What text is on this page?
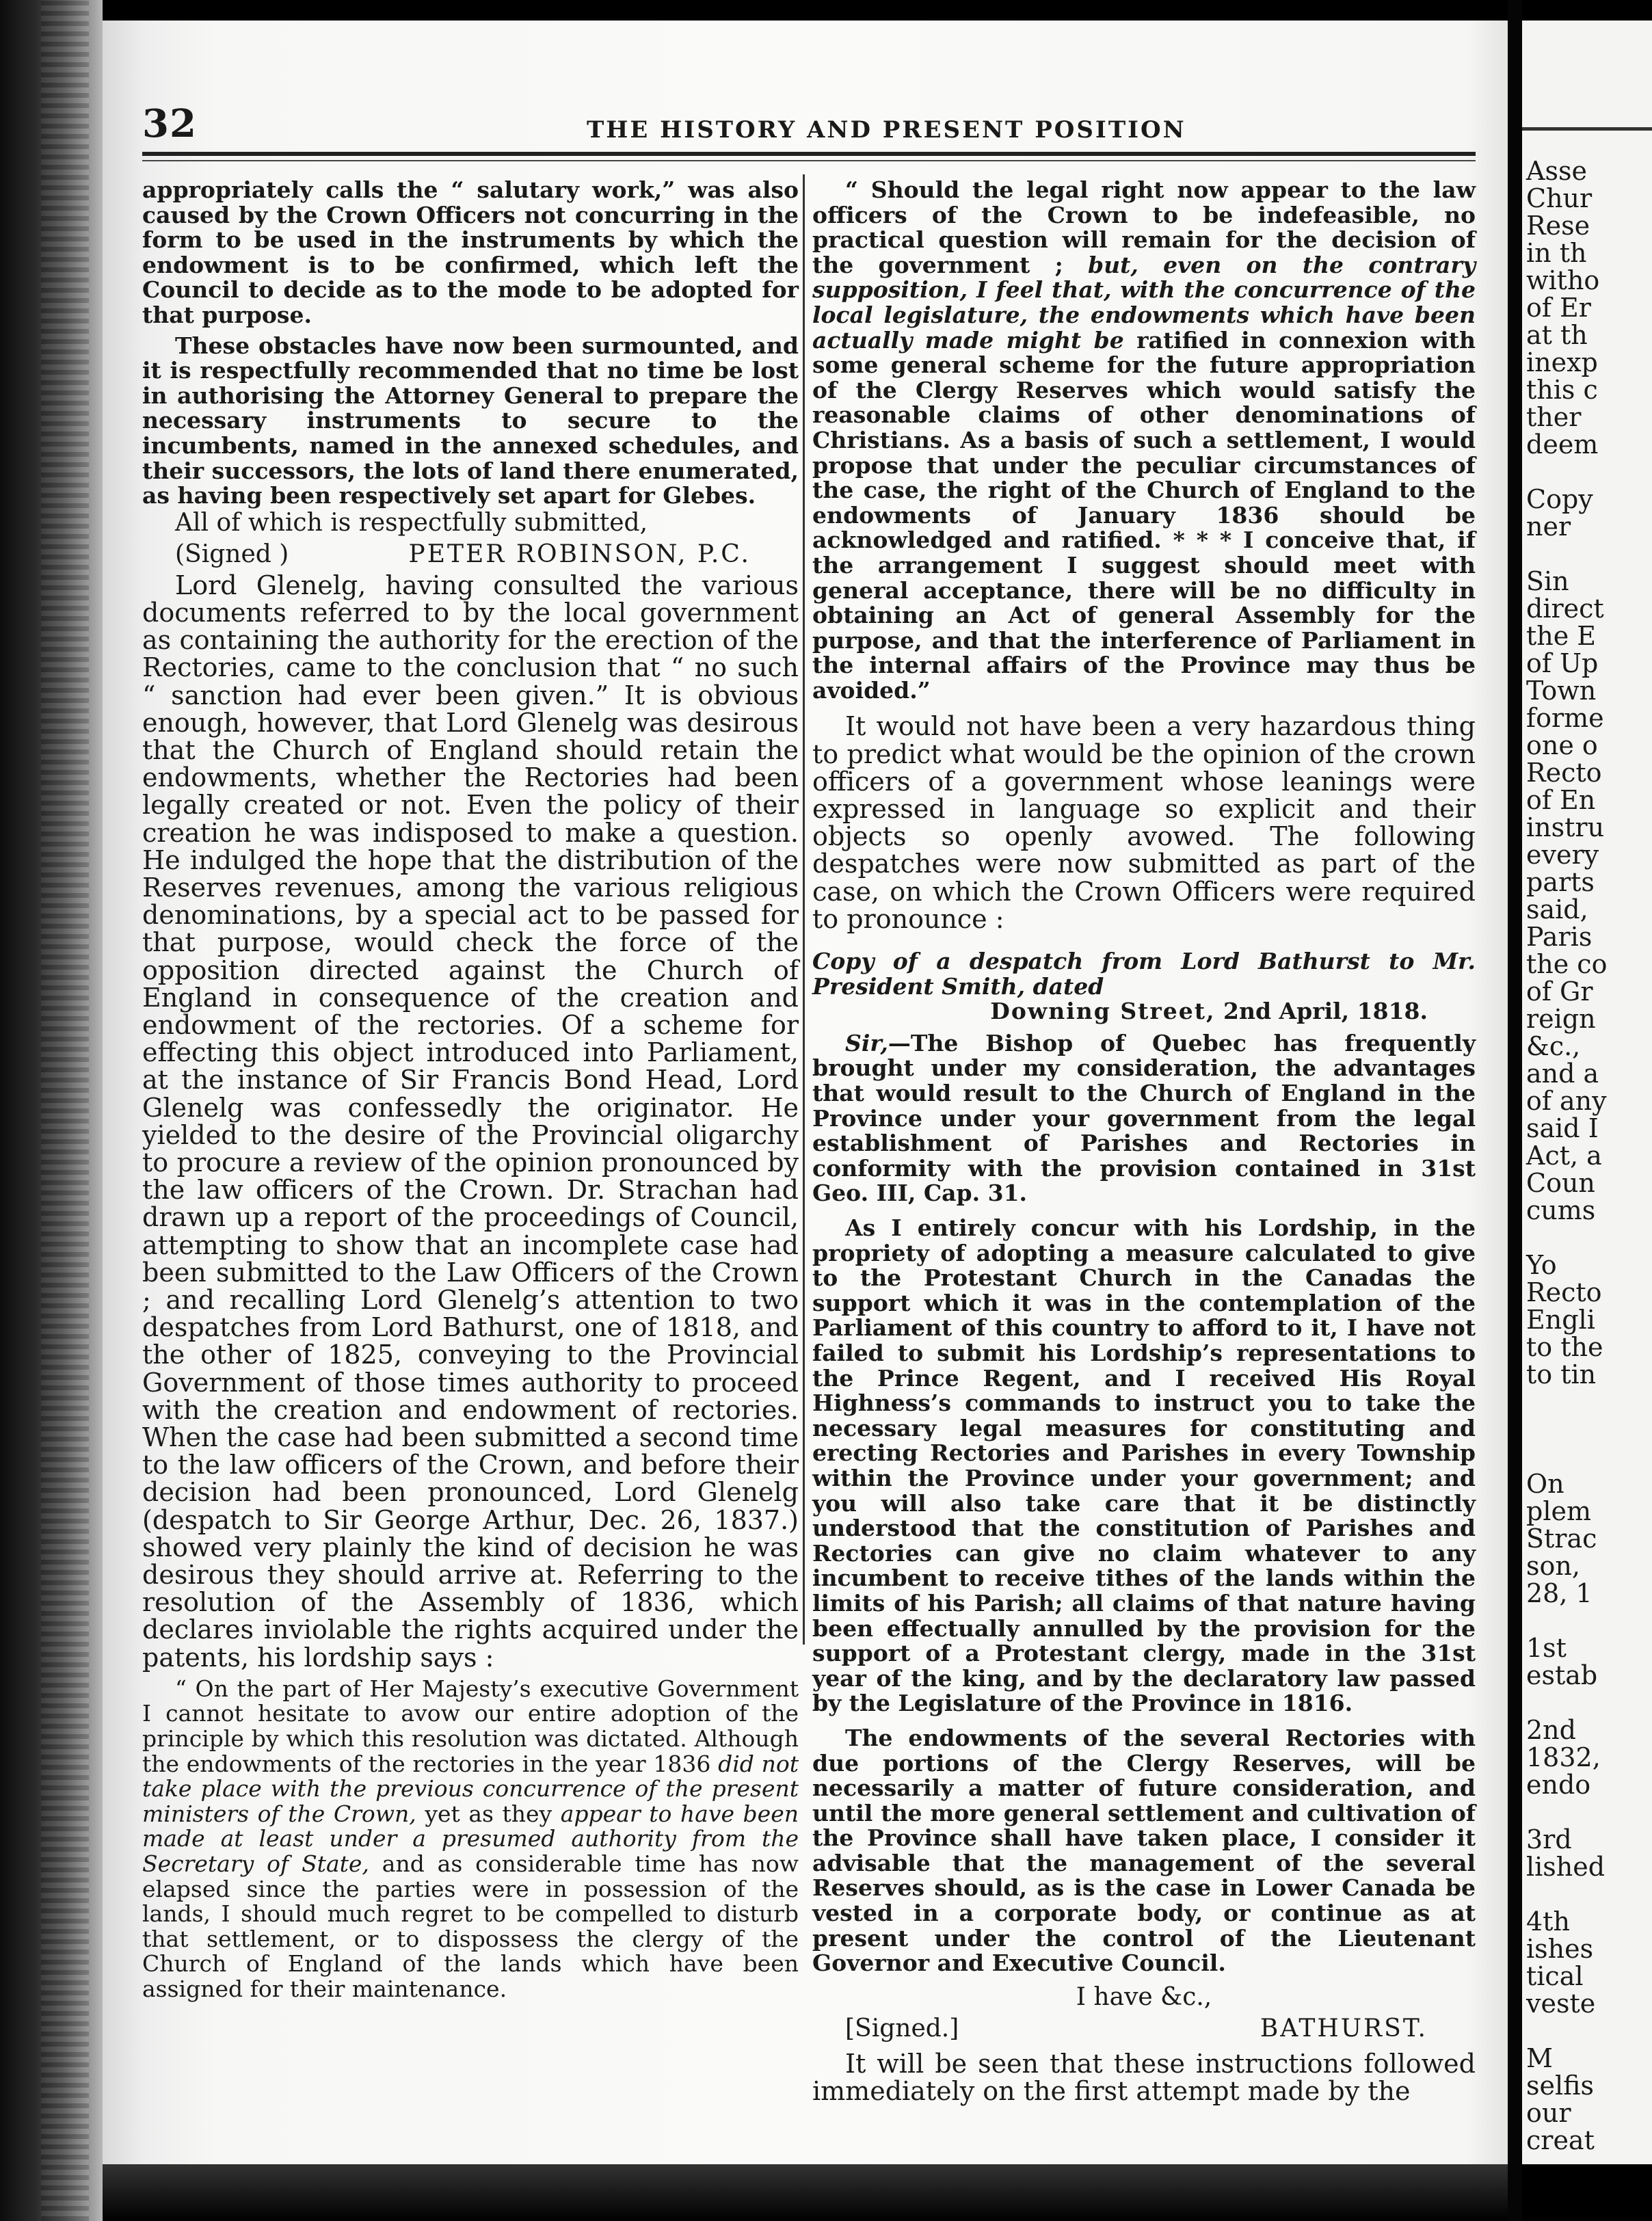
32	THE HISTORY AND PRESENT POSITION

appropriately calls the “ salutary work,” was also caused by the Crown Officers not concurring in the form to be used in the instruments by which the endowment is to be confirmed, which left the Council to decide as to the mode to be adopted for that purpose.

These obstacles have now been surmounted, and it is respectfully recommended that no time be lost in authorising the Attorney General to prepare the necessary instruments to secure to the incumbents, named in the annexed schedules, and their successors, the lots of land there enumerated, as having been respectively set apart for Glebes.

All of which is respectfully submitted,

(Signed )	PETER ROBINSON, P.C.

Lord Glenelg, having consulted the various documents referred to by the local government as containing the authority for the erection of the Rectories, came to the conclusion that “ no such “ sanction had ever been given.” It is obvious enough, however, that Lord Glenelg was desirous that the Church of England should retain the endowments, whether the Rectories had been legally created or not. Even the policy of their creation he was indisposed to make a question. He indulged the hope that the distribution of the Reserves revenues, among the various religious denominations, by a special act to be passed for that purpose, would check the force of the opposition directed against the Church of England in consequence of the creation and endowment of the rectories. Of a scheme for effecting this object introduced into Parliament, at the instance of Sir Francis Bond Head, Lord Glenelg was confessedly the originator. He yielded to the desire of the Provincial oligarchy to procure a review of the opinion pronounced by the law officers of the Crown. Dr. Strachan had drawn up a report of the proceedings of Council, attempting to show that an incomplete case had been submitted to the Law Officers of the Crown ; and recalling Lord Glenelg’s attention to two despatches from Lord Bathurst, one of 1818, and the other of 1825, conveying to the Provincial Government of those times authority to proceed with the creation and endowment of rectories. When the case had been submitted a second time to the law officers of the Crown, and before their decision had been pronounced, Lord Glenelg (despatch to Sir George Arthur, Dec. 26, 1837.) showed very plainly the kind of decision he was desirous they should arrive at. Referring to the resolution of the Assembly of 1836, which declares inviolable the rights acquired under the patents, his lordship says :

“ On the part of Her Majesty’s executive Government I cannot hesitate to avow our entire adoption of the principle by which this resolution was dictated. Although the endowments of the rectories in the year 1836 did not take place with the previous concurrence of the present ministers of the Crown, yet as they appear to have been made at least under a presumed authority from the Secretary of State, and as considerable time has now elapsed since the parties were in possession of the lands, I should much regret to be compelled to disturb that settlement, or to dispossess the clergy of the Church of England of the lands which have been assigned for their maintenance.

“ Should the legal right now appear to the law officers of the Crown to be indefeasible, no practical question will remain for the decision of the government ; but, even on the contrary supposition, I feel that, with the concurrence of the local legislature, the endowments which have been actually made might be ratified in connexion with some general scheme for the future appropriation of the Clergy Reserves which would satisfy the reasonable claims of other denominations of Christians. As a basis of such a settlement, I would propose that under the peculiar circumstances of the case, the right of the Church of England to the endowments of January 1836 should be acknowledged and ratified. * * * I conceive that, if the arrangement I suggest should meet with general acceptance, there will be no difficulty in obtaining an Act of general Assembly for the purpose, and that the interference of Parliament in the internal affairs of the Province may thus be avoided.”

It would not have been a very hazardous thing to predict what would be the opinion of the crown officers of a government whose leanings were expressed in language so explicit and their objects so openly avowed. The following despatches were now submitted as part of the case, on which the Crown Officers were required to pronounce :

Copy of a despatch from Lord Bathurst to Mr. President Smith, dated

Downing Street, 2nd April, 1818.

Sir,—The Bishop of Quebec has frequently brought under my consideration, the advantages that would result to the Church of England in the Province under your government from the legal establishment of Parishes and Rectories in conformity with the provision contained in 31st Geo. III, Cap. 31.

As I entirely concur with his Lordship, in the propriety of adopting a measure calculated to give to the Protestant Church in the Canadas the support which it was in the contemplation of the Parliament of this country to afford to it, I have not failed to submit his Lordship’s representations to the Prince Regent, and I received His Royal Highness’s commands to instruct you to take the necessary legal measures for constituting and erecting Rectories and Parishes in every Township within the Province under your government; and you will also take care that it be distinctly understood that the constitution of Parishes and Rectories can give no claim whatever to any incumbent to receive tithes of the lands within the limits of his Parish; all claims of that nature having been effectually annulled by the provision for the support of a Protestant clergy, made in the 31st year of the king, and by the declaratory law passed by the Legislature of the Province in 1816.

The endowments of the several Rectories with due portions of the Clergy Reserves, will be necessarily a matter of future consideration, and until the more general settlement and cultivation of the Province shall have taken place, I consider it advisable that the management of the several Reserves should, as is the case in Lower Canada be vested in a corporate body, or continue as at present under the control of the Lieutenant Governor and Executive Council.

I have &c.,

[Signed.]	BATHURST.

It will be seen that these instructions followed immediately on the first attempt made by the

Asse
Chur
Rese
in th
witho
of Er
at th
inexp
this c
ther
deem

Copy
ner

Sin
direct
the E
of Up
Town
forme
one o
Recto
of En
instru
every
parts
said,
Paris
the co
of Gr
reign
&c.,
and a
of any
said I
Act, a
Coun
cums

Yo
Recto
Engli
to the
to tin

On
plem
Strac
son,
28, 1

1st
estab

2nd
1832,
endo

3rd
lished

4th
ishes
tical
veste

M
selfis
our
creat
